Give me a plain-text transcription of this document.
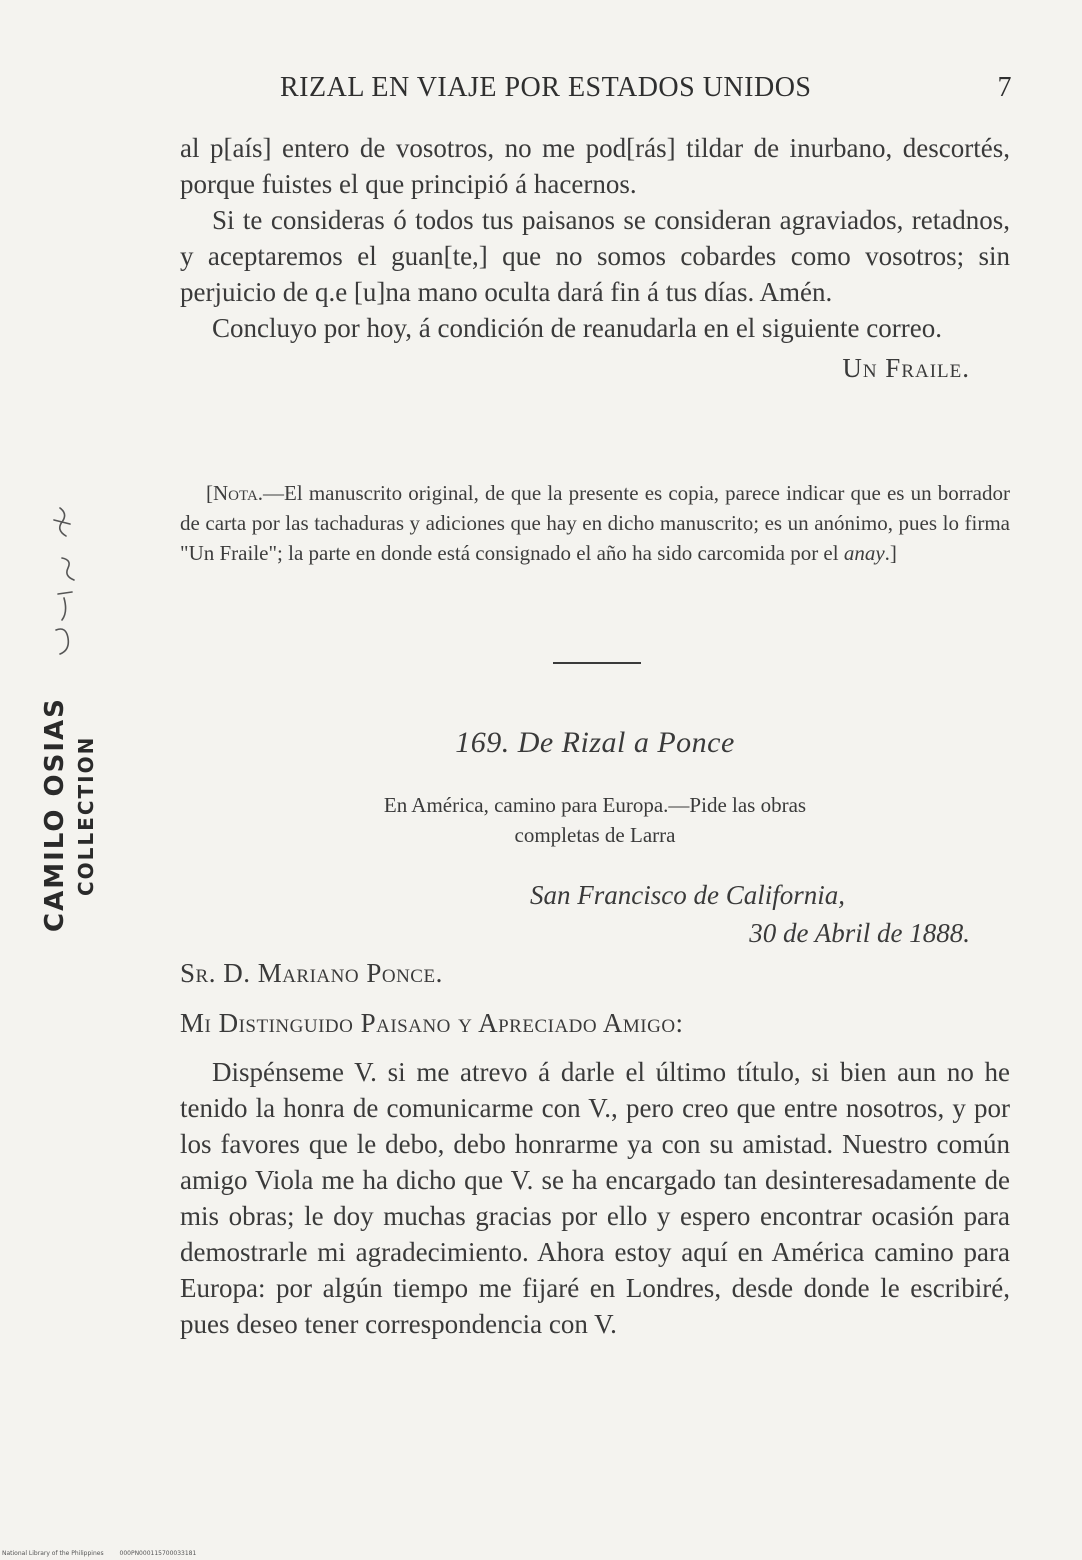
RIZAL EN VIAJE POR ESTADOS UNIDOS	7

al p[aís] entero de vosotros, no me pod[rás] tildar de inurbano, descortés, porque fuistes el que principió á hacernos.

Si te consideras ó todos tus paisanos se consideran agraviados, retadnos, y aceptaremos el guan[te,] que no somos cobardes como vosotros; sin perjuicio de q.e [u]na mano oculta dará fin á tus días. Amén.

Concluyo por hoy, á condición de reanudarla en el siguiente correo.

Un Fraile.

[Nota.—El manuscrito original, de que la presente es copia, parece indicar que es un borrador de carta por las tachaduras y adiciones que hay en dicho manuscrito; es un anónimo, pues lo firma "Un Fraile"; la parte en donde está consignado el año ha sido carcomida por el anay.]
169. De Rizal a Ponce
En América, camino para Europa.—Pide las obras
completas de Larra
San Francisco de California,
30 de Abril de 1888.
Sr. D. Mariano Ponce.
Mi Distinguido Paisano y Apreciado Amigo:

Dispénseme V. si me atrevo á darle el último título, si bien aun no he tenido la honra de comunicarme con V., pero creo que entre nosotros, y por los favores que le debo, debo honrarme ya con su amistad. Nuestro común amigo Viola me ha dicho que V. se ha encargado tan desinteresadamente de mis obras; le doy muchas gracias por ello y espero encontrar ocasión para demostrarle mi agradecimiento. Ahora estoy aquí en América camino para Europa: por algún tiempo me fijaré en Londres, desde donde le escribiré, pues deseo tener correspondencia con V.

CAMILO OSIAS COLLECTION
National Library of the Philippines	000PN000115700033181
